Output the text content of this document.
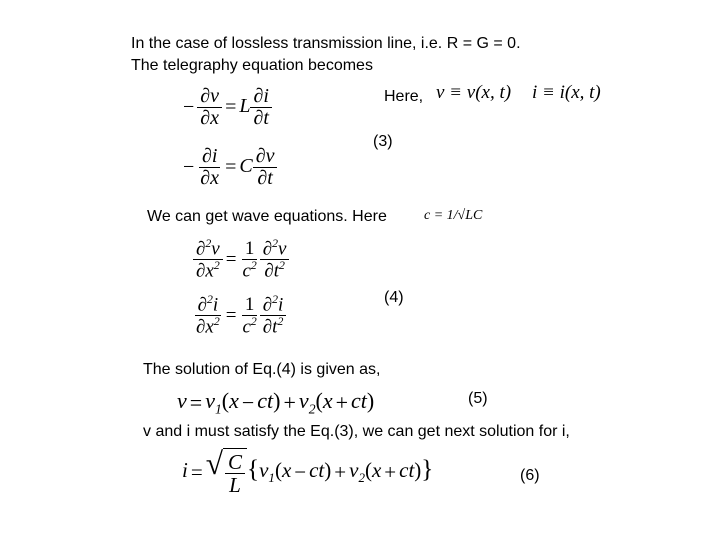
In the case of lossless transmission line, i.e. R = G = 0.
The telegraphy equation becomes
Here, v ≡ v(x, t) i ≡ i(x, t)
− $\frac{\partial v}{\partial x} = L \frac{\partial i}{\partial t}$
(3)
− $\frac{\partial i}{\partial x} = C \frac{\partial v}{\partial t}$
We can get wave equations. Here	c = 1/√LC
$\frac{\partial^2v}{\partial x^2} = \frac{1}{c^2} \frac{\partial^2v}{\partial t^2}$
(4)
$\frac{\partial^2i}{\partial x^2} = \frac{1}{c^2} \frac{\partial^2i}{\partial t^2}$
The solution of Eq.(4) is given as,
$v = v_1(x - ct) + v_2(x + ct)$	(5)
v and i must satisfy the Eq.(3), we can get next solution for i,
i = √ $\frac{C}{L} \{v_1(x - ct) + v_2(x + ct)\}$	(6)
